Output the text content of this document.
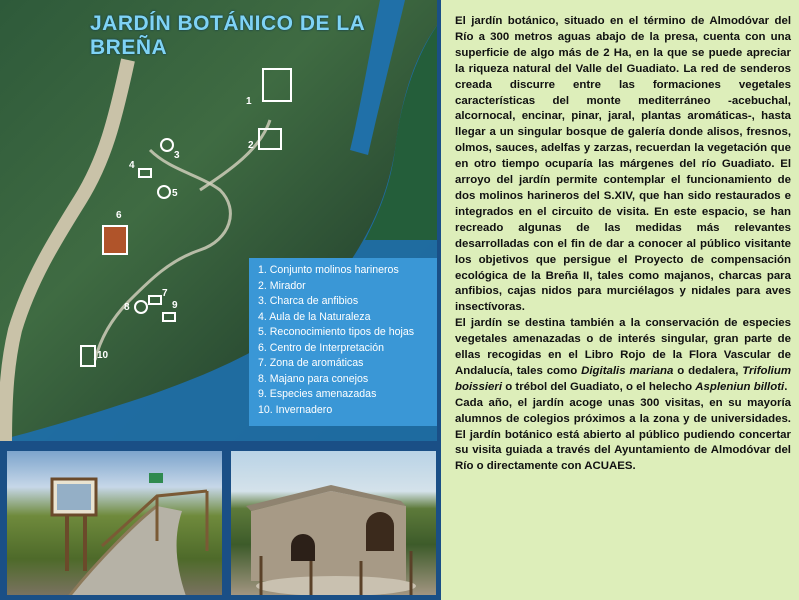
JARDÍN BOTÁNICO DE LA BREÑA
1
2
3
4
5
6
7
8	9
10
1. Conjunto molinos harineros
2. Mirador
3. Charca de anfibios
4. Aula de la Naturaleza
5. Reconocimiento tipos de hojas
6. Centro de Interpretación
7. Zona de aromáticas
8. Majano para conejos
9. Especies amenazadas
10. Invernadero

El jardín botánico, situado en el término de Almodóvar del Río a 300 metros aguas abajo de la presa, cuenta con una superficie de algo más de 2 Ha, en la que se puede apreciar la riqueza natural del Valle del Guadiato. La red de senderos creada discurre entre las formaciones vegetales características del monte mediterráneo -acebuchal, alcornocal, encinar, pinar, jaral, plantas aromáticas-, hasta llegar a un singular bosque de galería donde alisos, fresnos, olmos, sauces, adelfas y zarzas, recuerdan la vegetación que en otro tiempo ocuparía las márgenes del río Guadiato. El arroyo del jardín permite contemplar el funcionamiento de dos molinos harineros del S.XIV, que han sido restaurados e integrados en el circuito de visita. En este espacio, se han recreado algunas de las medidas más relevantes desarrolladas con el fin de dar a conocer al público visitante los objetivos que persigue el Proyecto de compensación ecológica de la Breña II, tales como majanos, charcas para anfibios, cajas nidos para murciélagos y nidales para aves insectívoras.

El jardín se destina también a la conservación de especies vegetales amenazadas o de interés singular, gran parte de ellas recogidas en el Libro Rojo de la Flora Vascular de Andalucía, tales como Digitalis mariana o dedalera, Trifolium boissieri o trébol del Guadiato, o el helecho Aspleniun billoti.

Cada año, el jardín acoge unas 300 visitas, en su mayoría alumnos de colegios próximos a la zona y de universidades. El jardín botánico está abierto al público pudiendo concertar su visita guiada a través del Ayuntamiento de Almodóvar del Río o directamente con ACUAES.
